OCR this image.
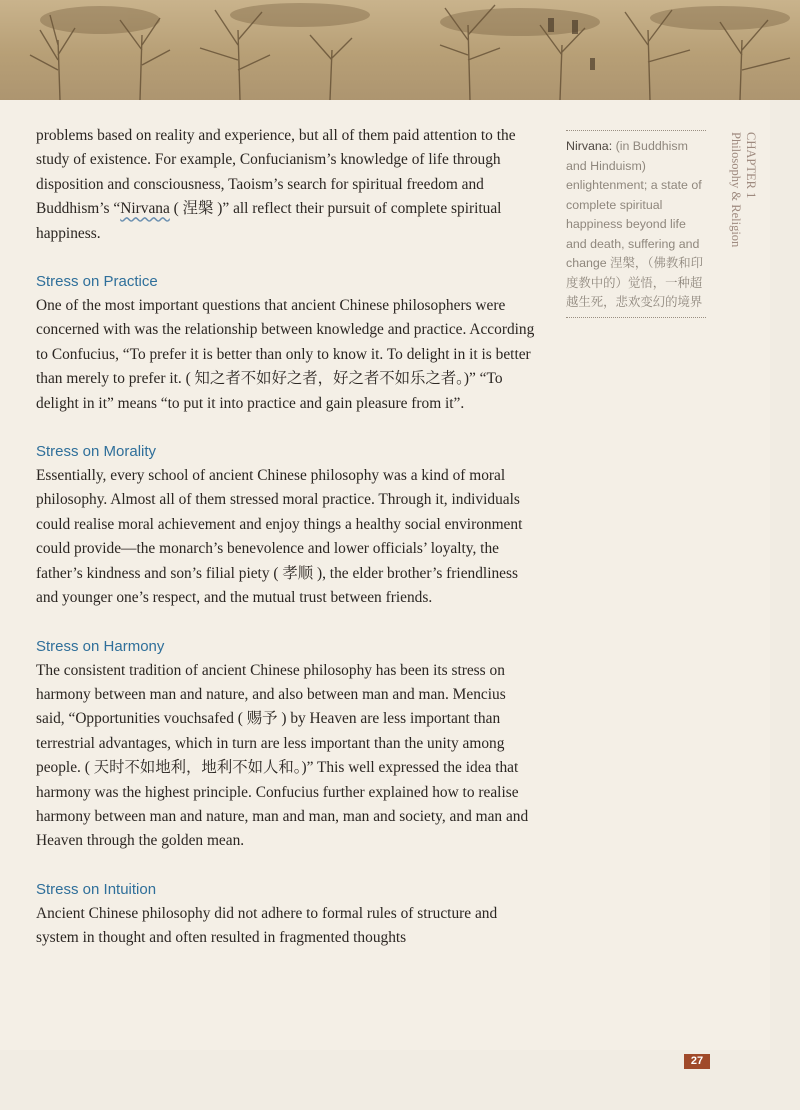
CHAPTER 1
Philosophy & Religion

problems based on reality and experience, but all of them paid attention to the study of existence. For example, Confucianism’s knowledge of life through disposition and consciousness, Taoism’s search for spiritual freedom and Buddhism’s “Nirvana ( 涅槃 )” all reflect their pursuit of complete spiritual happiness.

Stress on Practice

One of the most important questions that ancient Chinese philosophers were concerned with was the relationship between knowledge and practice. According to Confucius, “To prefer it is better than only to know it. To delight in it is better than merely to prefer it. ( 知之者不如好之者，好之者不如乐之者。)” “To delight in it” means “to put it into practice and gain pleasure from it”.

Stress on Morality

Essentially, every school of ancient Chinese philosophy was a kind of moral philosophy. Almost all of them stressed moral practice. Through it, individuals could realise moral achievement and enjoy things a healthy social environment could provide—the monarch’s benevolence and lower officials’ loyalty, the father’s kindness and son’s filial piety ( 孝顺 ), the elder brother’s friendliness and younger one’s respect, and the mutual trust between friends.

Stress on Harmony

The consistent tradition of ancient Chinese philosophy has been its stress on harmony between man and nature, and also between man and man. Mencius said, “Opportunities vouchsafed ( 赐予 ) by Heaven are less important than terrestrial advantages, which in turn are less important than the unity among people. ( 天时不如地利，地利不如人和。)” This well expressed the idea that harmony was the highest principle. Confucius further explained how to realise harmony between man and nature, man and man, man and society, and man and Heaven through the golden mean.

Stress on Intuition

Ancient Chinese philosophy did not adhere to formal rules of structure and system in thought and often resulted in fragmented thoughts

Nirvana: (in Buddhism and Hinduism) enlightenment; a state of complete spiritual happiness beyond life and death, suffering and change 涅槃，（佛教和印度教中的）觉悟，一种超越生死，悲欢变幻的境界
27
